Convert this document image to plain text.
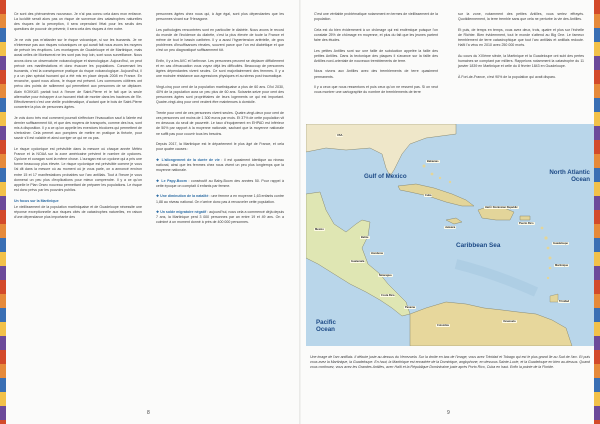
Ce sont des phénomènes nouveaux. Je n'ai pas connu cela dans mon enfance. La lucidité serait alors pas un risque de survenue des catastrophes naturelles des risques de la perception, il sera cependant l'état pour les seuils des questions de pouvoir de prévenir, il sera cela des risques à rien notre.

Je ne vois pas m'attarder sur le risque volcanique, si sur les tsunamis. Je ne n'interesse pas aux risques volcaniques ce qui aurait fait nous avons les moyens de prévoir les éruptions. Les montagnes de Guadeloupe et de Martinique, mais aussi celles de Montserrat ne les sont pas trop loin, sont sous surveillance. Nous avons donc un observatoire volcanologique et sismologique. Aujourd'hui, on peut prévoir ces manifestations et donc évacuer les populations. Concernant les tsunamis, c'est la conséquence pratique du risque volcanologique. Aujourd'hui, il y a un plan spécial tsunami qui a été mis en place depuis 2008 en France. En revanche, quant nous allons, le risque est présent. Les communes côtières ont prévu des points de ralliement qui permettent aux personnes de se déplacer. Alain KOKKAS partait tout à l'heure de Saint-Pierre et le fait que la seule alternative pour échapper à un tsunami était de monter dans les hauteurs de l'île. Effectivement c'est une vieille problématique, d'autant que le bois de Saint-Pierre concentre la plus de personnes âgées.

Je vois donc très mal comment pourrait s'effectuer l'évacuation sauf à l'alerte est dernier suffisamment tôt, et que des moyens de transports, comme des bus, sont mis à disposition. Il y a ce qu'on appelle les exercices tricolores qui permettent de s'entraîner. Cela permet aux pompiers de mettre en pratique la théorie, pour savoir s'il est valable et ainsi corriger ce qui ne va pas.

Le risque cyclonique est prévisible dans la mesure où chaque année Météo France et la NOAA sur la zone américaine prévient le nombre de cyclones. Cyclone et ouragan sont la même chose. L'ouragan est un cyclone qui a pris une forme beaucoup plus élevée. Le risque cyclonique est prévisible comme je vous l'ai dit dans la mesure où au moment où je vous parle, on a annoncé environ entre 15 et 17 manifestations probables sur l'arc antillais. Tout à l'heure je vous donnerai un peu plus d'explications pour mieux comprendre. Il y a ce qu'on appelle le Plan Orsec nouveau permettant de préparer les populations. Le risque est donc prévu par les pouvoirs publics.

Un focus sur la Martinique

Le vieillissement de la population martiniquaise et de Guadeloupe nécessite une réponse exceptionnelle aux risques cités de catastrophes naturelles, en raison d'une dépendance plus importante des

personnes âgées chez nous qui, à âge égal, sont plus dépendantes que les personnes vivant sur l'Hexagone.

Les pathologies rencontrées sont en particulier le diabète. Nous avons le record du monde de l'incidence du diabète, c'est la plus élevée de toute la France et même de tout le bassin caribéen. Il y a aussi l'hypertension artérielle, de gros problèmes d'insuffisances rénales, souvent parce que l'on est diabétique et que c'est un peu diagnostiqué suffisamment tôt.

Enfin, il y a les AVC et l'arthrose. Les personnes peuvent se déplacer difficilement et en cas d'évacuation vous voyez déjà les difficultés. Beaucoup de personnes âgées dépendantes vivent seules. Ce sont majoritairement des femmes. Il y a une moindre résistance aux agressions physiques et au stress post traumatique.

Vingt-cinq pour cent de la population martiniquaise a plus de 60 ans. D'ici 2030, 40% de la population aura un peu plus de 60 ans. Soixante-seize pour cent des personnes âgées sont propriétaires de leurs logements ce qui est important. Quatre-vingt-cinq pour cent veulent être maintenues à domicile.

Trente pour cent de ces personnes vivent seules. Quatre-vingt-deux pour cent de ces personnes ont moins de 1 300 euros par mois. Et 37% de cette population vit en dessous du seuil de pauvreté. Le taux d'équipement en EHPAD est inférieur de 50% par rapport à la moyenne nationale, sachant que la moyenne nationale ne suffit pas pour couvrir tous les besoins.

Depuis 2017, la Martinique est le département le plus âgé de France, et cela pour quatre causes :

❖ L'allongement de la durée de vie : il est quasiment identique au niveau national, ainsi que les femmes chez nous vivent un peu plus longtemps que la moyenne nationale.

❖ Le Papy-Boom : consécutif au Baby-Boom des années 50. Pour rappel à cette époque on comptait 4 enfants par femme.

❖ Une diminution de la natalité : une femme a en moyenne 1,63 enfants contre 1,88 au niveau national. On n'arrive donc pas à renouveler cette population.

❖ Un solde migratoire négatif : aujourd'hui, nous cela a commencé déjà depuis 7 ans, la Martinique perd 3 000 personnes par an entre 19 et 49 ans. On a culminé à un moment donné à près de 400 000 personnes.

8

C'est une véritable problématique notamment en termes de vieillissement de la population.

Cela est du bien évidemment à un chômage qui est endémique puisque l'on constate 25% de chômage en moyenne, et plus du fait que les jeunes partent faire des études.

Les petites Antilles sont sur une faille de subduction appelée la faille des petites Antilles. Dans la tectonique des plaques il s'avance sur la faille des Antilles nord-orientale de nouveaux tremblements de terre.

Nous vivons aux Antilles avec des tremblements de terre quasiment permanents.

Il y a ceux que nous ressentons et puis ceux qu'on ne ressent pas. Si on veut vous montrer une cartographie du nombre de tremblements de terre

sur la zone, notamment des petites Antilles, vous seriez effrayés. Quotidiennement, la terre tremble sans que cela ne perturbe la vie des Antilles.

Et puis, de temps en temps, vous avez deux, trois, quatre et plus sur l'échelle de Richter. Bien évidemment, tout le monde s'attend au Big One. Le fameux tremblement de terre catastrophique que tout l'arc antillais et antillais redoute. Haïti l'a vécu en 2010 avec 250 000 morts.

Au cours du XIXème siècle, la Martinique et la Guadeloupe ont subi des pertes humaines se comptant par milliers. Rappelons notamment la catastrophe du 11 janvier 1839 en Martinique et celle du 8 février 1843 en Guadeloupe.

À Fort-de-France, c'est 90% de la population qui avait disparu.

Gulf of Mexico
North Atlantic Ocean
Caribbean Sea
Pacific Ocean
USA
Mexico
Cuba
Haiti / Dominican Republic
Puerto Rico
Jamaica
Bahamas
Belize
Guatemala
Honduras
Nicaragua
Costa Rica
Panama
Colombia
Venezuela
Trinidad
Guadeloupe
Martinique
Une image de l'arc antillais. Il débute juste au-dessus du Venezuela. Sur la droite en bas de l'image, vous avez Trinidad et Tobago qui est le plus grand île au Sud de l'arc. Et puis vous avez la Martinique, la Guadeloupe. En haut, la Martinique est encadrée de la Dominique, anglophone, en dessous Sainte-Lucie, et la Guadeloupe en bien au-dessus. Quand vous continuez, vous avez les Grandes Antilles, avec Haïti et la République Dominicaine juste après Porto Rico, Cuba en haut. Enfin la pointe de la Floride.
9
